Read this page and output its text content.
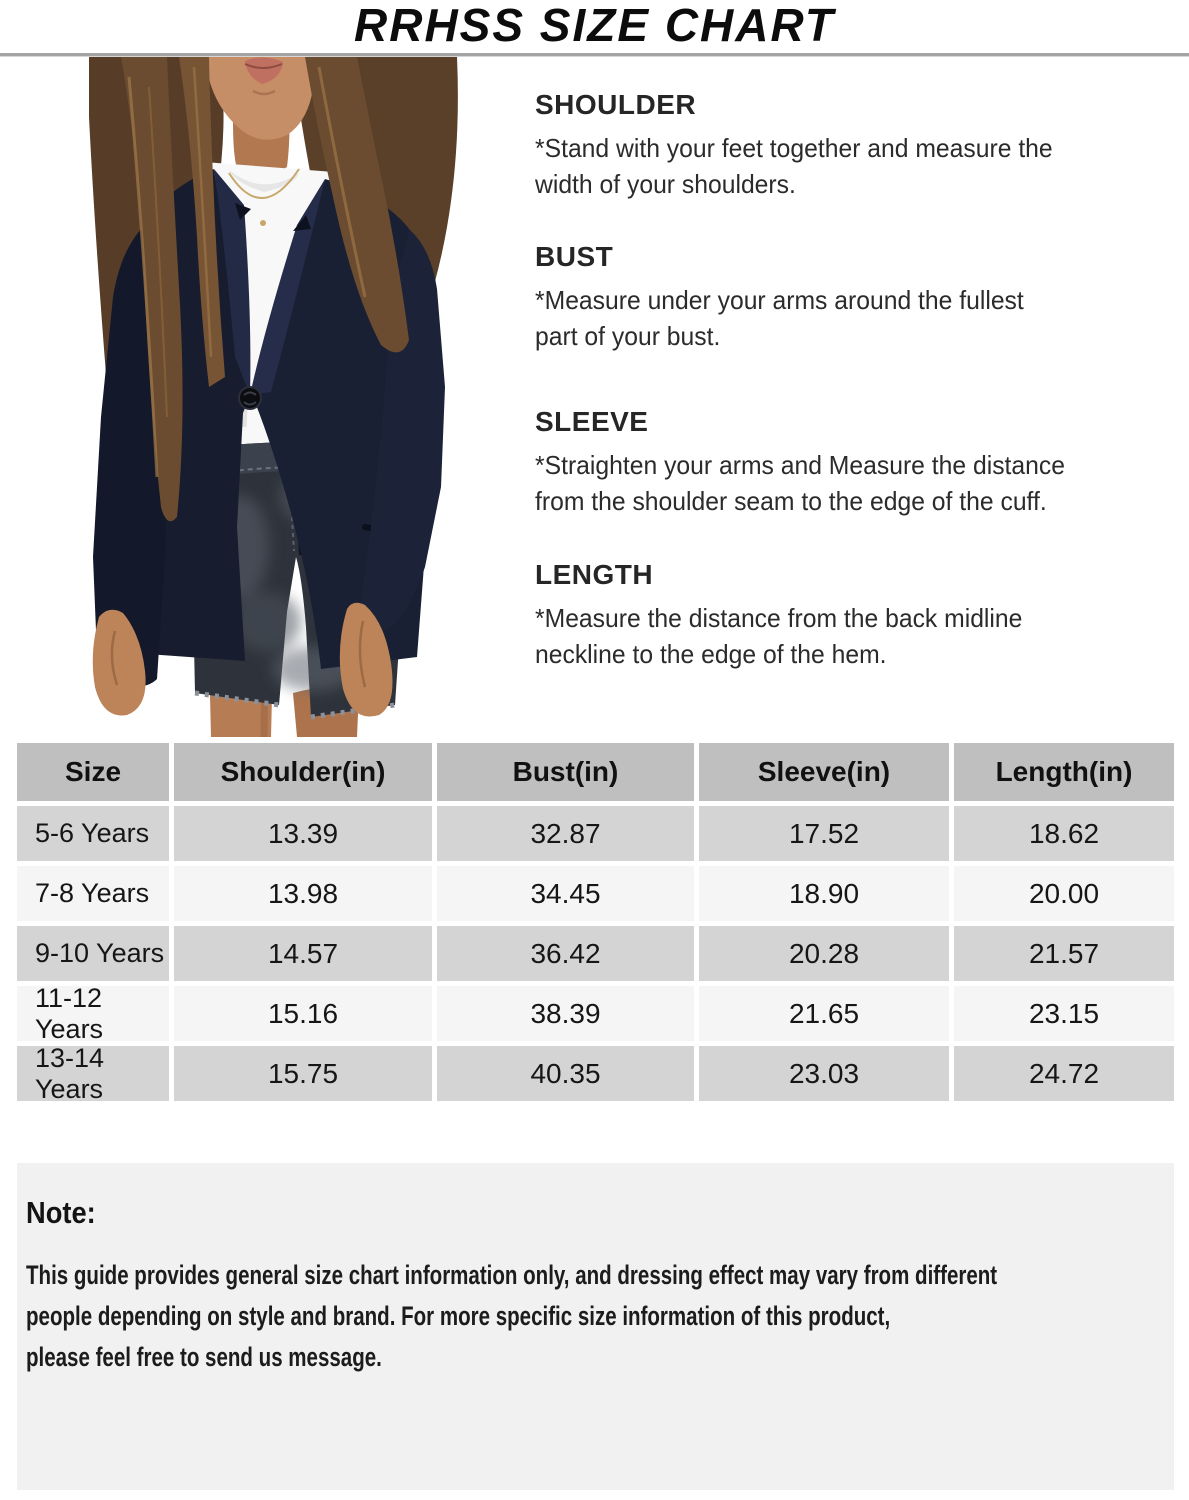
RRHSS SIZE CHART
SHOULDER

*Stand with your feet together and measure the
width of your shoulders.

BUST

*Measure under your arms around the fullest
part of your bust.

SLEEVE

*Straighten your arms and Measure the distance
from the shoulder seam to the edge of the cuff.

LENGTH

*Measure the distance from the back midline
neckline to the edge of the hem.

Size	Shoulder(in)	Bust(in)	Sleeve(in)	Length(in)
5-6 Years	13.39	32.87	17.52	18.62
7-8 Years	13.98	34.45	18.90	20.00
9-10 Years	14.57	36.42	20.28	21.57
11-12 Years	15.16	38.39	21.65	23.15
13-14 Years	15.75	40.35	23.03	24.72
Note:

This guide provides general size chart information only, and dressing effect may vary from different
people depending on style and brand. For more specific size information of this product,
please feel free to send us message.
